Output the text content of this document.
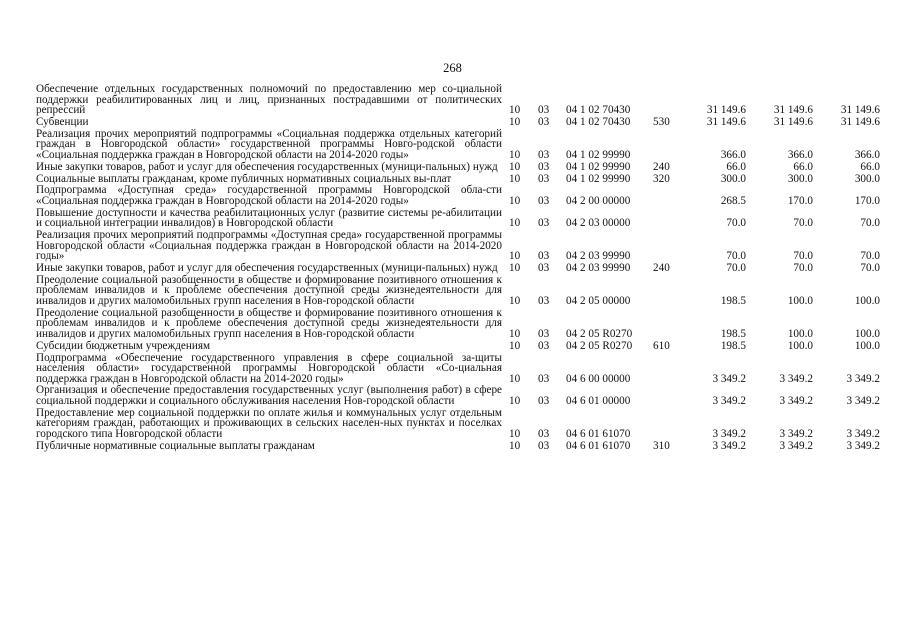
268
Обеспечение отдельных государственных полномочий по предоставлению мер со-циальной поддержки реабилитированных лиц и лиц, признанных пострадавшими от политических репрессий	10	03	04 1 02 70430		31 149.6	31 149.6	31 149.6
Субвенции	10	03	04 1 02 70430	530	31 149.6	31 149.6	31 149.6
Реализация прочих мероприятий подпрограммы «Социальная поддержка отдельных категорий граждан в Новгородской области» государственной программы Новго-родской области «Социальная поддержка граждан в Новгородской области на 2014-2020 годы»	10	03	04 1 02 99990		366.0	366.0	366.0
Иные закупки товаров, работ и услуг для обеспечения государственных (муници-пальных) нужд	10	03	04 1 02 99990	240	66.0	66.0	66.0
Социальные выплаты гражданам, кроме публичных нормативных социальных вы-плат	10	03	04 1 02 99990	320	300.0	300.0	300.0
Подпрограмма «Доступная среда» государственной программы Новгородской обла-сти «Социальная поддержка граждан в Новгородской области на 2014-2020 годы»	10	03	04 2 00 00000		268.5	170.0	170.0
Повышение доступности и качества реабилитационных услуг (развитие системы ре-абилитации и социальной интеграции инвалидов) в Новгородской области	10	03	04 2 03 00000		70.0	70.0	70.0
Реализация прочих мероприятий подпрограммы «Доступная среда» государственной программы Новгородской области «Социальная поддержка граждан в Новгородской области на 2014-2020 годы»	10	03	04 2 03 99990		70.0	70.0	70.0
Иные закупки товаров, работ и услуг для обеспечения государственных (муници-пальных) нужд	10	03	04 2 03 99990	240	70.0	70.0	70.0
Преодоление социальной разобщенности в обществе и формирование позитивного отношения к проблемам инвалидов и к проблеме обеспечения доступной среды жизнедеятельности для инвалидов и других маломобильных групп населения в Нов-городской области	10	03	04 2 05 00000		198.5	100.0	100.0
Преодоление социальной разобщенности в обществе и формирование позитивного отношения к проблемам инвалидов и к проблеме обеспечения доступной среды жизнедеятельности для инвалидов и других маломобильных групп населения в Нов-городской области	10	03	04 2 05 R0270		198.5	100.0	100.0
Субсидии бюджетным учреждениям	10	03	04 2 05 R0270	610	198.5	100.0	100.0
Подпрограмма «Обеспечение государственного управления в сфере социальной за-щиты населения области» государственной программы Новгородской области «Со-циальная поддержка граждан в Новгородской области на 2014-2020 годы»	10	03	04 6 00 00000		3 349.2	3 349.2	3 349.2
Организация и обеспечение предоставления государственных услуг (выполнения работ) в сфере социальной поддержки и социального обслуживания населения Нов-городской области	10	03	04 6 01 00000		3 349.2	3 349.2	3 349.2
Предоставление мер социальной поддержки по оплате жилья и коммунальных услуг отдельным категориям граждан, работающих и проживающих в сельских населен-ных пунктах и поселках городского типа Новгородской области	10	03	04 6 01 61070		3 349.2	3 349.2	3 349.2
Публичные нормативные социальные выплаты гражданам	10	03	04 6 01 61070	310	3 349.2	3 349.2	3 349.2
